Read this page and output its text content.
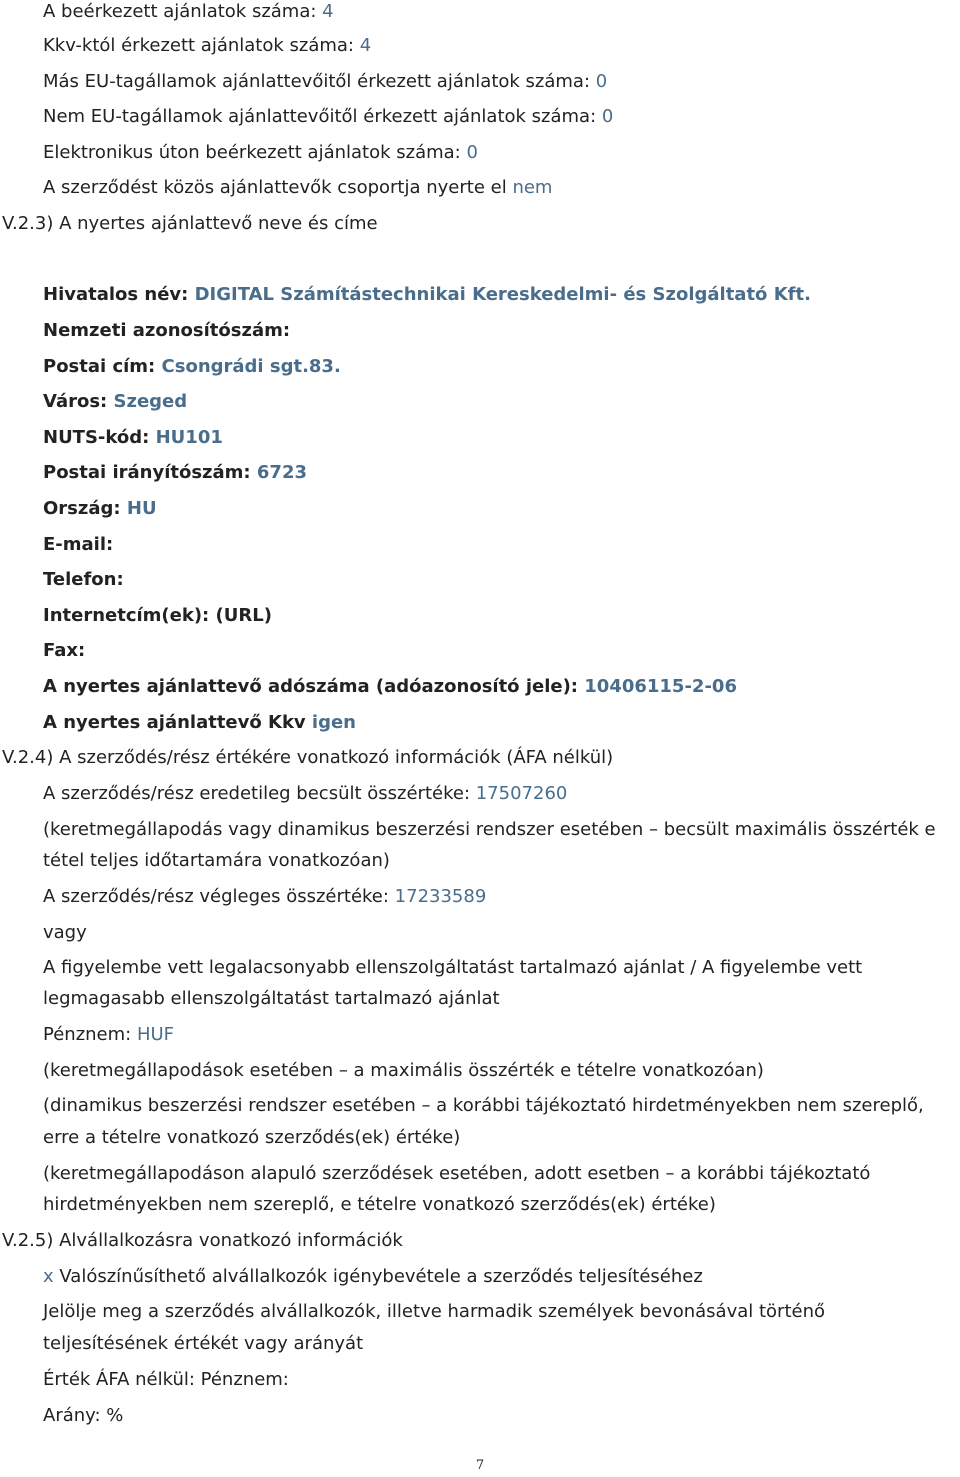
A beérkezett ajánlatok száma: 4
Kkv-któl érkezett ajánlatok száma: 4
Más EU-tagállamok ajánlattevőitől érkezett ajánlatok száma: 0
Nem EU-tagállamok ajánlattevőitől érkezett ajánlatok száma: 0
Elektronikus úton beérkezett ajánlatok száma: 0
A szerződést közös ajánlattevők csoportja nyerte el nem
V.2.3) A nyertes ajánlattevő neve és címe
Hivatalos név: DIGITAL Számítástechnikai Kereskedelmi- és Szolgáltató Kft.
Nemzeti azonosítószám:
Postai cím: Csongrádi sgt.83.
Város: Szeged
NUTS-kód: HU101
Postai irányítószám: 6723
Ország: HU
E-mail:
Telefon:
Internetcím(ek): (URL)
Fax:
A nyertes ajánlattevő adószáma (adóazonosító jele): 10406115-2-06
A nyertes ajánlattevő Kkv igen
V.2.4) A szerződés/rész értékére vonatkozó információk (ÁFA nélkül)
A szerződés/rész eredetileg becsült összértéke: 17507260
(keretmegállapodás vagy dinamikus beszerzési rendszer esetében – becsült maximális összérték e
tétel teljes időtartamára vonatkozóan)
A szerződés/rész végleges összértéke: 17233589
vagy
A figyelembe vett legalacsonyabb ellenszolgáltatást tartalmazó ajánlat / A figyelembe vett
legmagasabb ellenszolgáltatást tartalmazó ajánlat
Pénznem: HUF
(keretmegállapodások esetében – a maximális összérték e tételre vonatkozóan)
(dinamikus beszerzési rendszer esetében – a korábbi tájékoztató hirdetményekben nem szereplő,
erre a tételre vonatkozó szerződés(ek) értéke)
(keretmegállapodáson alapuló szerződések esetében, adott esetben – a korábbi tájékoztató
hirdetményekben nem szereplő, e tételre vonatkozó szerződés(ek) értéke)
V.2.5) Alvállalkozásra vonatkozó információk
x Valószínűsíthető alvállalkozók igénybevétele a szerződés teljesítéséhez
Jelölje meg a szerződés alvállalkozók, illetve harmadik személyek bevonásával történő
teljesítésének értékét vagy arányát
Érték ÁFA nélkül: Pénznem:
Arány: %
7
